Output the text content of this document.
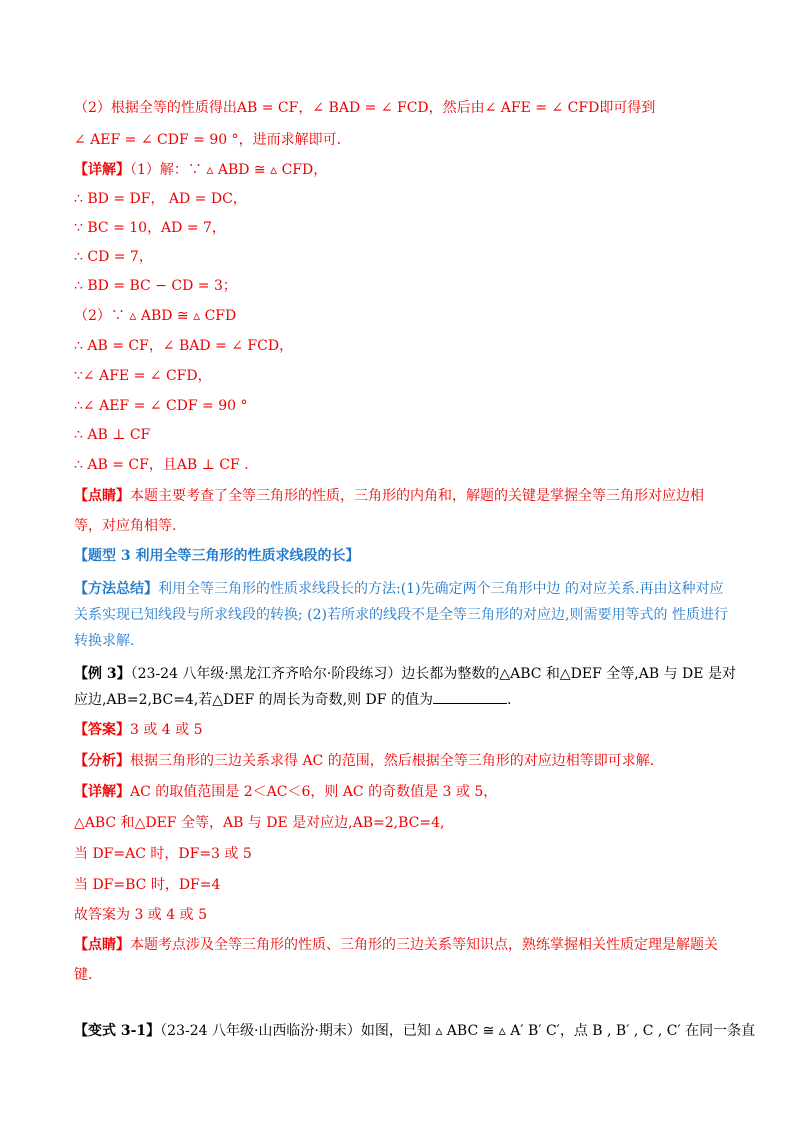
（2）根据全等的性质得出AB = CF，∠ BAD = ∠ FCD，然后由∠ AFE = ∠ CFD即可得到
∠ AEF = ∠ CDF = 90 °，进而求解即可.
【详解】（1）解：∵ ▵ ABD ≅ ▵ CFD，
∴ BD = DF， AD = DC，
∵ BC = 10，AD = 7，
∴ CD = 7，
∴ BD = BC − CD = 3；
（2）∵ ▵ ABD ≅ ▵ CFD
∴ AB = CF，∠ BAD = ∠ FCD，
∵∠ AFE = ∠ CFD，
∴∠ AEF = ∠ CDF = 90 °
∴ AB ⊥ CF
∴ AB = CF，且AB ⊥ CF .
【点睛】本题主要考查了全等三角形的性质，三角形的内角和，解题的关键是掌握全等三角形对应边相
等，对应角相等.
【题型 3 利用全等三角形的性质求线段的长】
【方法总结】利用全等三角形的性质求线段长的方法:(1)先确定两个三角形中边 的对应关系.再由这种对应
关系实现已知线段与所求线段的转换; (2)若所求的线段不是全等三角形的对应边,则需要用等式的 性质进行
转换求解.
【例 3】（23-24 八年级·黑龙江齐齐哈尔·阶段练习）边长都为整数的△ABC 和△DEF 全等,AB 与 DE 是对
应边,AB=2,BC=4,若△DEF 的周长为奇数,则 DF 的值为	.
【答案】3 或 4 或 5
【分析】根据三角形的三边关系求得 AC 的范围，然后根据全等三角形的对应边相等即可求解.
【详解】AC 的取值范围是 2＜AC＜6，则 AC 的奇数值是 3 或 5，
△ABC 和△DEF 全等，AB 与 DE 是对应边,AB=2,BC=4,
当 DF=AC 时，DF=3 或 5
当 DF=BC 时，DF=4
故答案为 3 或 4 或 5
【点睛】本题考点涉及全等三角形的性质、三角形的三边关系等知识点，熟练掌握相关性质定理是解题关
键.
【变式 3-1】（23-24 八年级·山西临汾·期末）如图，已知 ▵ ABC ≅ ▵ A′ B′ C′，点 B , B′ , C , C′ 在同一条直
